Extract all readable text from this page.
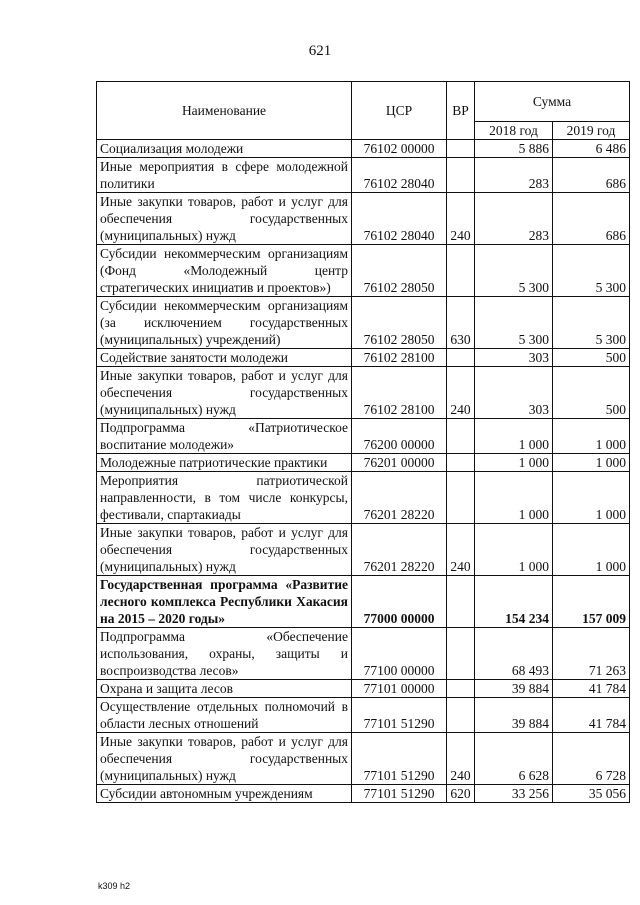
621
Наименование	ЦСР	ВР	Сумма	
			2018 год	2019 год
Социализация молодежи	76102 00000		5 886	6 486
Иные мероприятия в сфере молодежной политики	76102 28040		283	686
Иные закупки товаров, работ и услуг для обеспечения государственных (муниципальных) нужд	76102 28040	240	283	686
Субсидии некоммерческим организациям (Фонд «Молодежный центр стратегических инициатив и проектов»)	76102 28050		5 300	5 300
Субсидии некоммерческим организациям (за исключением государственных (муниципальных) учреждений)	76102 28050	630	5 300	5 300
Содействие занятости молодежи	76102 28100		303	500
Иные закупки товаров, работ и услуг для обеспечения государственных (муниципальных) нужд	76102 28100	240	303	500
Подпрограмма «Патриотическое воспитание молодежи»	76200 00000		1 000	1 000
Молодежные патриотические практики	76201 00000		1 000	1 000
Мероприятия патриотической направленности, в том числе конкурсы, фестивали, спартакиады	76201 28220		1 000	1 000
Иные закупки товаров, работ и услуг для обеспечения государственных (муниципальных) нужд	76201 28220	240	1 000	1 000
Государственная программа «Развитие лесного комплекса Республики Хакасия на 2015 – 2020 годы»	77000 00000		154 234	157 009
Подпрограмма «Обеспечение использования, охраны, защиты и воспроизводства лесов»	77100 00000		68 493	71 263
Охрана и защита лесов	77101 00000		39 884	41 784
Осуществление отдельных полномочий в области лесных отношений	77101 51290		39 884	41 784
Иные закупки товаров, работ и услуг для обеспечения государственных (муниципальных) нужд	77101 51290	240	6 628	6 728
Субсидии автономным учреждениям	77101 51290	620	33 256	35 056
k309 h2
